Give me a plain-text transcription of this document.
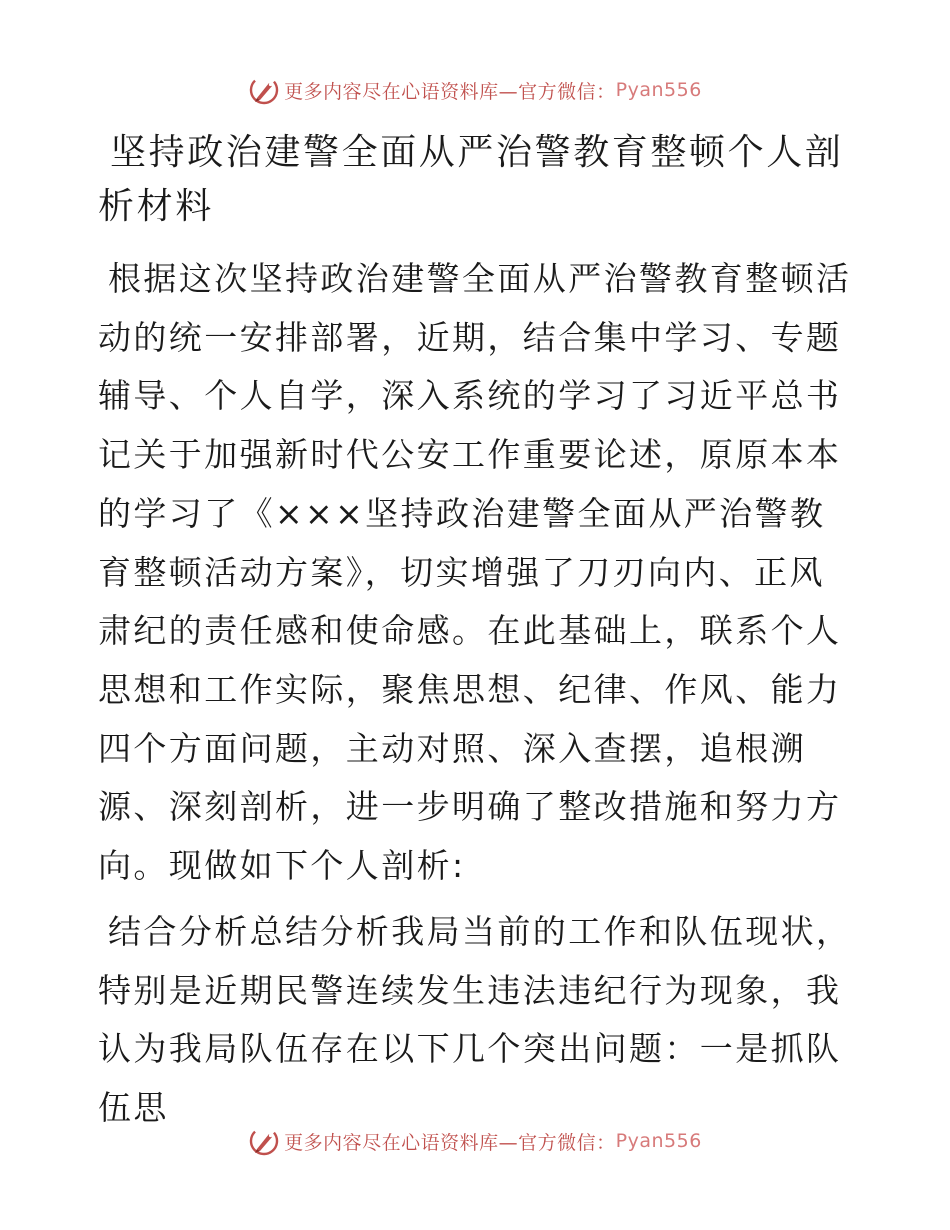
更多内容尽在心语资料库—官方微信： Pyan556
坚持政治建警全面从严治警教育整顿个人剖析材料

根据这次坚持政治建警全面从严治警教育整顿活动的统一安排部署，近期，结合集中学习、专题辅导、个人自学，深入系统的学习了习近平总书记关于加强新时代公安工作重要论述，原原本本的学习了《×××坚持政治建警全面从严治警教育整顿活动方案》，切实增强了刀刃向内、正风肃纪的责任感和使命感。在此基础上，联系个人思想和工作实际，聚焦思想、纪律、作风、能力四个方面问题，主动对照、深入查摆，追根溯源、深刻剖析，进一步明确了整改措施和努力方向。现做如下个人剖析:

结合分析总结分析我局当前的工作和队伍现状，特别是近期民警连续发生违法违纪行为现象，我认为我局队伍存在以下几个突出问题：一是抓队伍思

更多内容尽在心语资料库—官方微信： Pyan556
